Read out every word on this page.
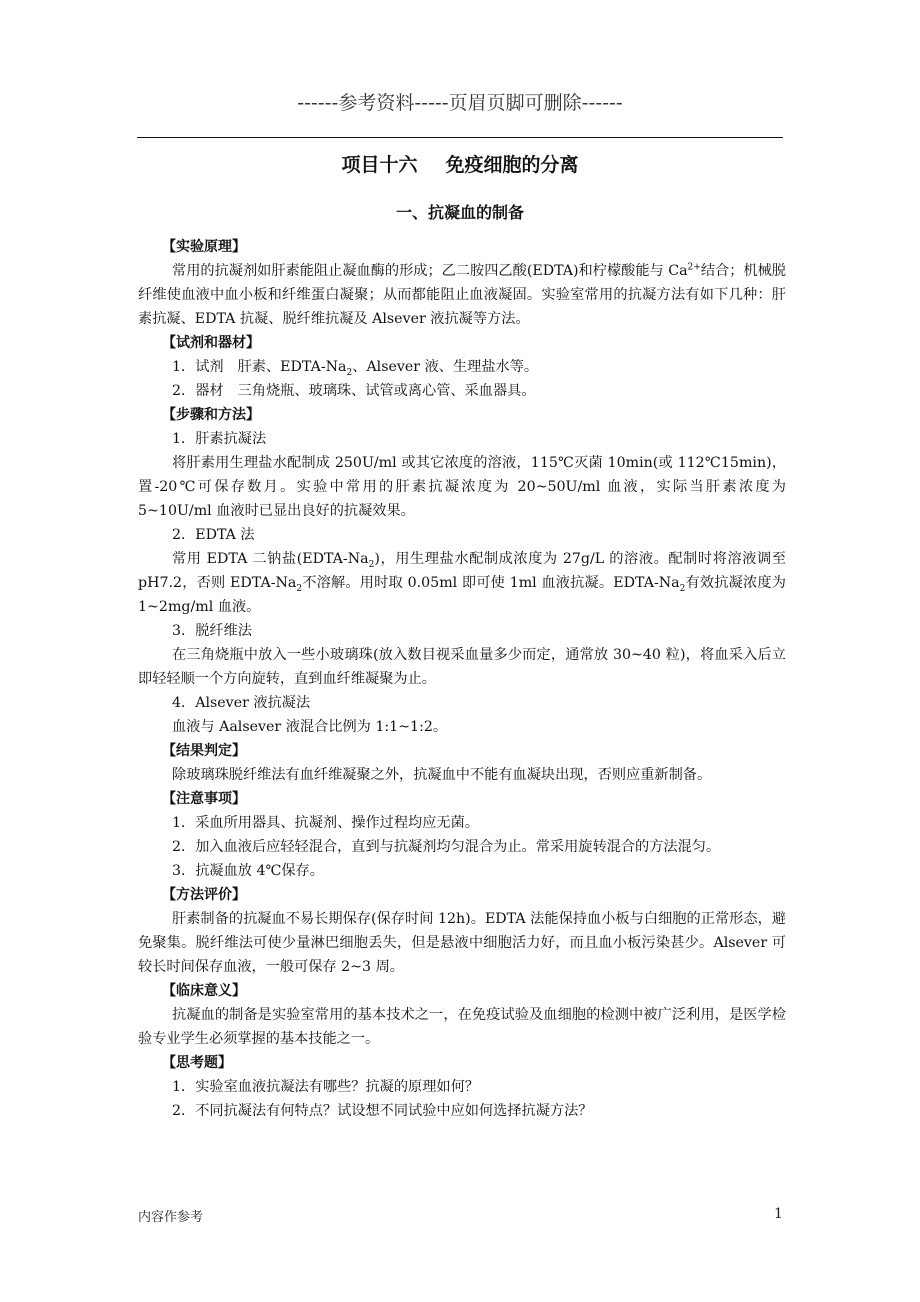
------参考资料-----页眉页脚可删除------
项目十六 免疫细胞的分离
一、抗凝血的制备
【实验原理】

常用的抗凝剂如肝素能阻止凝血酶的形成；乙二胺四乙酸(EDTA)和柠檬酸能与 $Ca^{2+}$结合；机械脱纤维使血液中血小板和纤维蛋白凝聚；从而都能阻止血液凝固。实验室常用的抗凝方法有如下几种：肝素抗凝、EDTA 抗凝、脱纤维抗凝及 Alsever 液抗凝等方法。

【试剂和器材】
1．试剂 肝素、EDTA-$Na_2$、Alsever 液、生理盐水等。
2．器材 三角烧瓶、玻璃珠、试管或离心管、采血器具。
【步骤和方法】
1．肝素抗凝法

将肝素用生理盐水配制成 250U/ml 或其它浓度的溶液，115℃灭菌 10min(或 112℃15min)，置-20℃可保存数月。实验中常用的肝素抗凝浓度为 20~50U/ml 血液，实际当肝素浓度为 5~10U/ml 血液时已显出良好的抗凝效果。

2．EDTA 法

常用 EDTA 二钠盐$(EDTA-Na_2)$，用生理盐水配制成浓度为 27g/L 的溶液。配制时将溶液调至 pH7.2，否则 EDTA-$Na_2$不溶解。用时取 0.05ml 即可使 1ml 血液抗凝。EDTA-$Na_2$有效抗凝浓度为 1~2mg/ml 血液。

3．脱纤维法

在三角烧瓶中放入一些小玻璃珠(放入数目视采血量多少而定，通常放 30~40 粒)，将血采入后立即轻轻顺一个方向旋转，直到血纤维凝聚为止。

4．Alsever 液抗凝法

血液与 Aalsever 液混合比例为 1:1~1:2。

【结果判定】

除玻璃珠脱纤维法有血纤维凝聚之外，抗凝血中不能有血凝块出现，否则应重新制备。

【注意事项】
1．采血所用器具、抗凝剂、操作过程均应无菌。
2．加入血液后应轻轻混合，直到与抗凝剂均匀混合为止。常采用旋转混合的方法混匀。
3．抗凝血放 4℃保存。
【方法评价】

肝素制备的抗凝血不易长期保存(保存时间 12h)。EDTA 法能保持血小板与白细胞的正常形态，避免聚集。脱纤维法可使少量淋巴细胞丢失，但是悬液中细胞活力好，而且血小板污染甚少。Alsever 可较长时间保存血液，一般可保存 2~3 周。

【临床意义】

抗凝血的制备是实验室常用的基本技术之一，在免疫试验及血细胞的检测中被广泛利用，是医学检验专业学生必须掌握的基本技能之一。

【思考题】
1．实验室血液抗凝法有哪些？抗凝的原理如何？
2．不同抗凝法有何特点？试设想不同试验中应如何选择抗凝方法？
内容作参考	1
